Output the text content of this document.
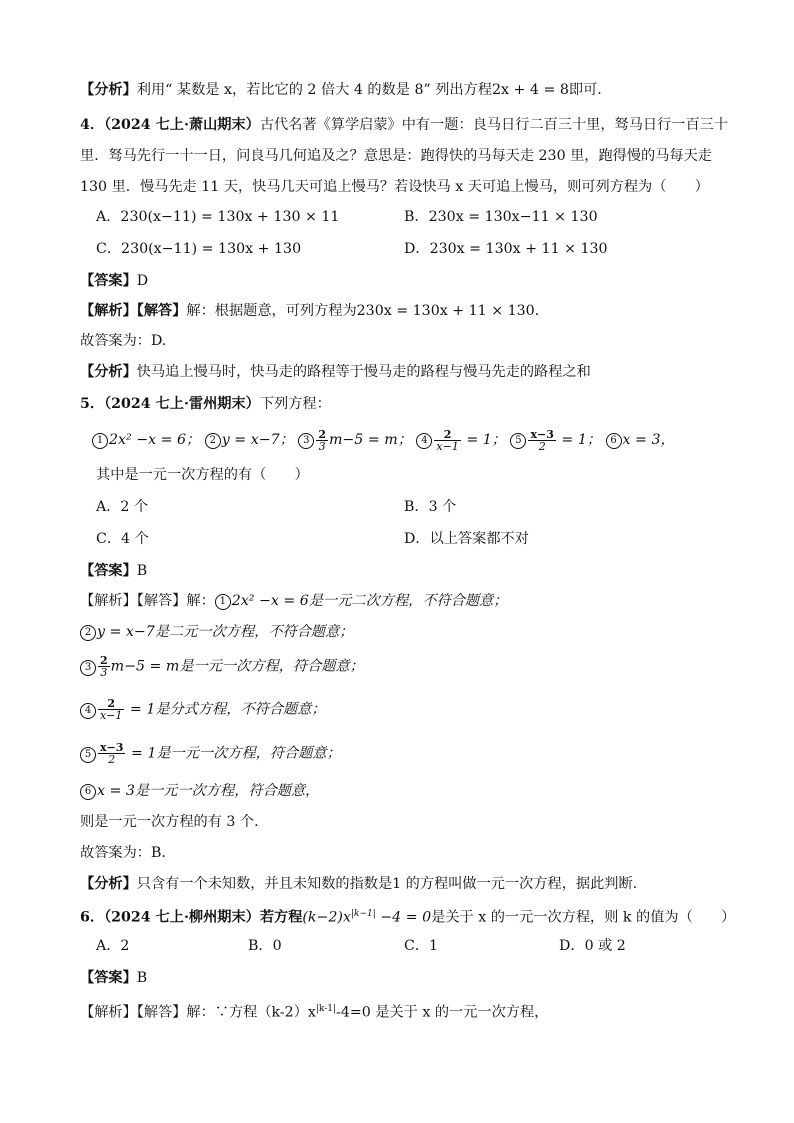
【分析】利用“ 某数是 x，若比它的 2 倍大 4 的数是 8” 列出方程2x + 4 = 8即可.
4．（2024 七上·萧山期末）古代名著《算学启蒙》中有一题：良马日行二百三十里，驽马日行一百三十
里．驽马先行一十一日，问良马几何追及之？意思是：跑得快的马每天走 230 里，跑得慢的马每天走
130 里．慢马先走 11 天，快马几天可追上慢马？若设快马 x 天可追上慢马，则可列方程为（　　）
A．230(x−11) = 130x + 130 × 11	B．230x = 130x−11 × 130
C．230(x−11) = 130x + 130	D．230x = 130x + 11 × 130
【答案】D
【解析】【解答】解：根据题意，可列方程为230x = 130x + 11 × 130.
故答案为：D.
【分析】快马追上慢马时，快马走的路程等于慢马走的路程与慢马先走的路程之和
5．（2024 七上·雷州期末）下列方程：
1 2x² −x = 6； 2 y = x−7； $3 \frac{2}{3} m-5 = m$； $4 \frac{2}{x-1} = 1$； $5 \frac{x-3}{2} = 1$； 6 x = 3，
其中是一元一次方程的有（　　）
A．2 个	B．3 个
C．4 个	D．以上答案都不对
【答案】B
【解析】【解答】解： 1 2x² −x = 6是一元二次方程，不符合题意；
2 y = x−7是二元一次方程，不符合题意；
$3 \frac{2}{3} m-5 = m$是一元一次方程，符合题意；
$4 \frac{2}{x-1} = 1$是分式方程，不符合题意；
$5 \frac{x-3}{2} = 1$是一元一次方程，符合题意；
6 x = 3是一元一次方程，符合题意，
则是一元一次方程的有 3 个.
故答案为：B.
【分析】只含有一个未知数，并且未知数的指数是1 的方程叫做一元一次方程，据此判断.
6．（2024 七上·柳州期末）若方程$(k-2)x^{|k-1|} -4 = 0$是关于 x 的一元一次方程，则 k 的值为（　　）
A．2	B．0	C．1	D．0 或 2
【答案】B
【解析】【解答】解：∵方程$(k-2)x^{|k-1|}-4=0$ 是关于 x 的一元一次方程，
